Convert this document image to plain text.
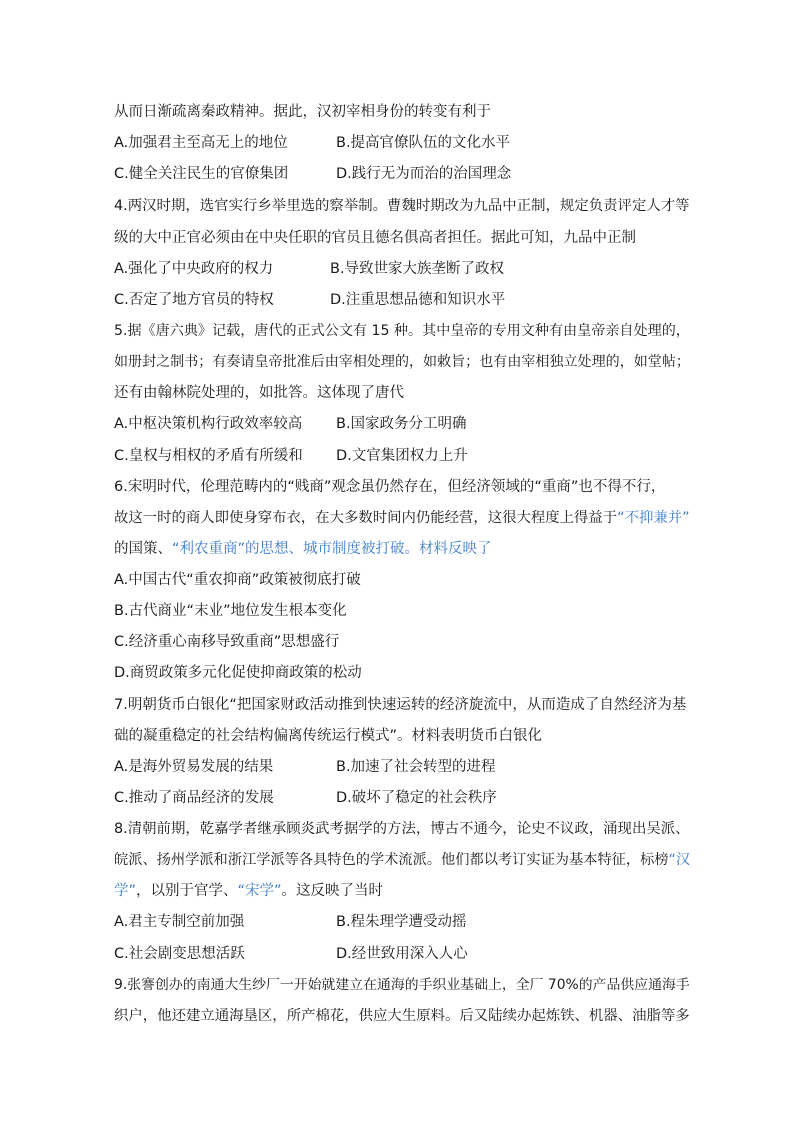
从而日渐疏离秦政精神。据此，汉初宰相身份的转变有利于
A.加强君主至高无上的地位	B.提高官僚队伍的文化水平
C.健全关注民生的官僚集团	D.践行无为而治的治国理念
4.两汉时期，选官实行乡举里选的察举制。曹魏时期改为九品中正制，规定负责评定人才等
级的大中正官必须由在中央任职的官员且德名俱高者担任。据此可知，九品中正制
A.强化了中央政府的权力	B.导致世家大族垄断了政权
C.否定了地方官员的特权	D.注重思想品德和知识水平
5.据《唐六典》记载，唐代的正式公文有 15 种。其中皇帝的专用文种有由皇帝亲自处理的，
如册封之制书；有奏请皇帝批准后由宰相处理的，如敕旨；也有由宰相独立处理的，如堂帖；
还有由翰林院处理的，如批答。这体现了唐代
A.中枢决策机构行政效率较高 B.国家政务分工明确
C.皇权与相权的矛盾有所缓和 D.文官集团权力上升
6.宋明时代，伦理范畴内的“贱商”观念虽仍然存在，但经济领域的“重商”也不得不行，
故这一时的商人即使身穿布衣，在大多数时间内仍能经营，这很大程度上得益于“不抑兼并”
的国策、“利农重商”的思想、城市制度被打破。材料反映了
A.中国古代“重农抑商”政策被彻底打破
B.古代商业“末业”地位发生根本变化
C.经济重心南移导致重商”思想盛行
D.商贸政策多元化促使抑商政策的松动
7.明朝货币白银化“把国家财政活动推到快速运转的经济旋流中，从而造成了自然经济为基
础的凝重稳定的社会结构偏离传统运行模式”。材料表明货币白银化
A.是海外贸易发展的结果	B.加速了社会转型的进程
C.推动了商品经济的发展	D.破坏了稳定的社会秩序
8.清朝前期，乾嘉学者继承顾炎武考据学的方法，博古不通今，论史不议政，涌现出吴派、
皖派、扬州学派和浙江学派等各具特色的学术流派。他们都以考订实证为基本特征，标榜“汉
学”，以别于官学、“宋学”。这反映了当时
A.君主专制空前加强	B.程朱理学遭受动摇
C.社会剧变思想活跃	D.经世致用深入人心
9.张謇创办的南通大生纱厂一开始就建立在通海的手织业基础上，全厂 70%的产品供应通海手
织户，他还建立通海垦区，所产棉花，供应大生原料。后又陆续办起炼铁、机器、油脂等多
